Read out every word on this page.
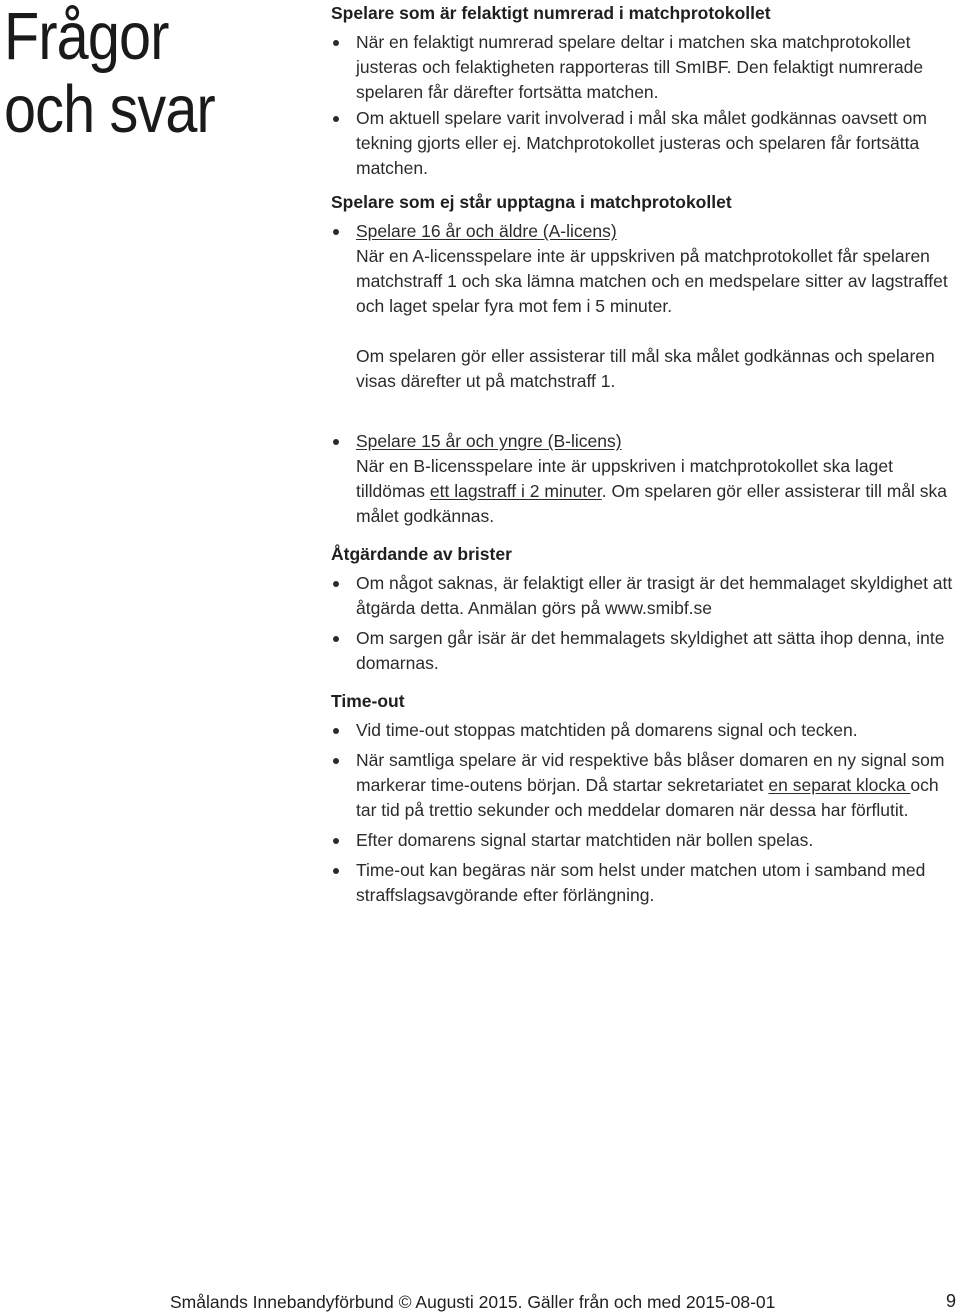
Frågor
och svar
Spelare som är felaktigt numrerad i matchprotokollet
När en felaktigt numrerad spelare deltar i matchen ska matchprotokollet justeras och felaktigheten rapporteras till SmIBF. Den felaktigt numrerade spelaren får därefter fortsätta matchen.
Om aktuell spelare varit involverad i mål ska målet godkännas oavsett om tekning gjorts eller ej. Matchprotokollet justeras och spelaren får fortsätta matchen.
Spelare som ej står upptagna i matchprotokollet
Spelare 16 år och äldre (A-licens)
När en A-licensspelare inte är uppskriven på matchprotokollet får spelaren matchstraff 1 och ska lämna matchen och en medspelare sitter av lagstraffet och laget spelar fyra mot fem i 5 minuter.
Om spelaren gör eller assisterar till mål ska målet godkännas och spelaren visas därefter ut på matchstraff 1.
Spelare 15 år och yngre (B-licens)
När en B-licensspelare inte är uppskriven i matchprotokollet ska laget tilldömas ett lagstraff i 2 minuter. Om spelaren gör eller assisterar till mål ska målet godkännas.
Åtgärdande av brister
Om något saknas, är felaktigt eller är trasigt är det hemmalaget skyldighet att åtgärda detta. Anmälan görs på www.smibf.se
Om sargen går isär är det hemmalagets skyldighet att sätta ihop denna, inte domarnas.
Time-out
Vid time-out stoppas matchtiden på domarens signal och tecken.
När samtliga spelare är vid respektive bås blåser domaren en ny signal som markerar time-outens början. Då startar sekretariatet en separat klocka och tar tid på trettio sekunder och meddelar domaren när dessa har förflutit.
Efter domarens signal startar matchtiden när bollen spelas.
Time-out kan begäras när som helst under matchen utom i samband med straffslagsavgörande efter förlängning.
Smålands Innebandyförbund © Augusti 2015. Gäller från och med 2015-08-01	9
